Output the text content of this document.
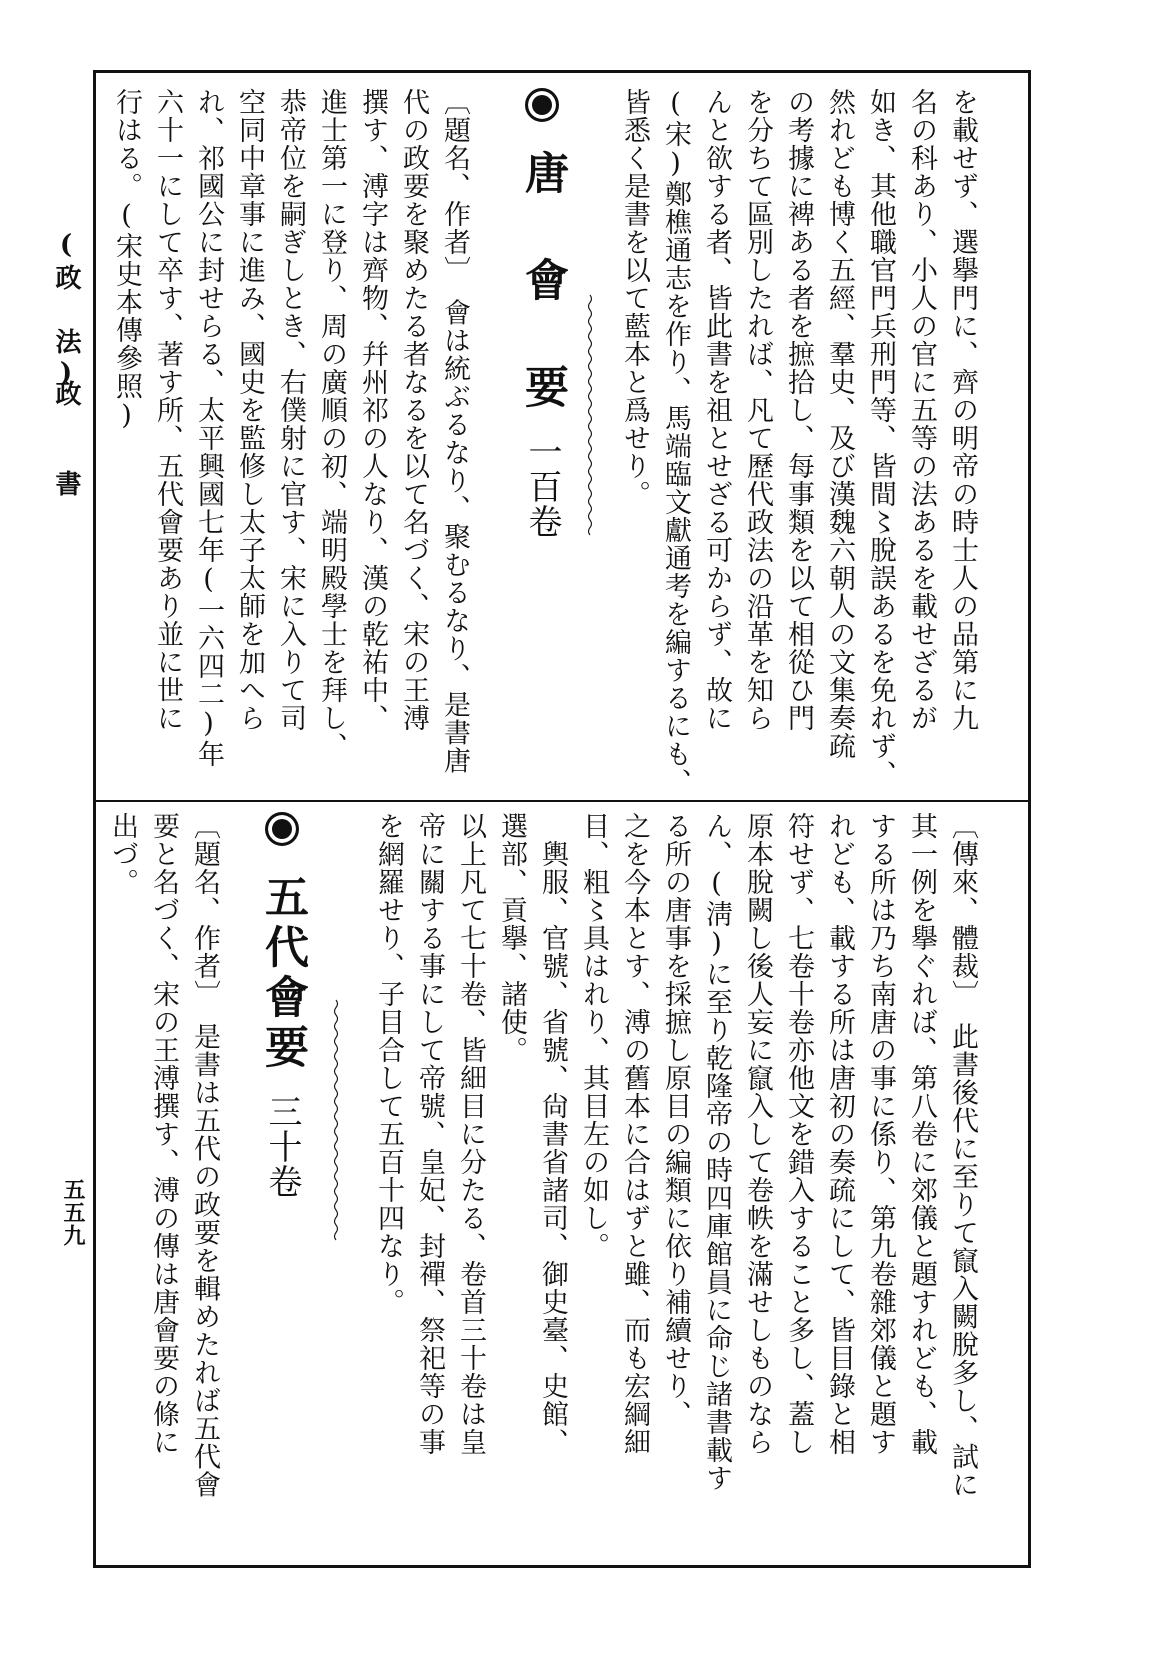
(政 法)
政　　書
五五九
を載せず、選擧門に、齊の明帝の時士人の品第に九
名の科あり、小人の官に五等の法あるを載せざるが
如き、其他職官門兵刑門等、皆間〻脫誤あるを免れず、
然れども博く五經、羣史、及び漢魏六朝人の文集奏疏
の考據に裨ある者を摭拾し、每事類を以て相從ひ門
を分ちて區別したれば、凡て歷代政法の沿革を知ら
んと欲する者、皆此書を祖とせざる可からず、故に
(宋)鄭樵通志を作り、馬端臨文獻通考を編するにも、
皆悉く是書を以て藍本と爲せり。
唐 會 要 一百卷
〔題名、作者〕　會は統ぶるなり、聚むるなり、是書唐
代の政要を聚めたる者なるを以て名づく、宋の王溥
撰す、溥字は齊物、幷州祁の人なり、漢の乾祐中、
進士第一に登り、周の廣順の初、端明殿學士を拜し、
恭帝位を嗣ぎしとき、右僕射に官す、宋に入りて司
空同中章事に進み、國史を監修し太子太師を加へら
れ、祁國公に封せらる、太平興國七年(一六四二)年
六十一にして卒す、著す所、五代會要あり並に世に
行はる。(宋史本傳參照)
〔傳來、體裁〕　此書後代に至りて竄入闕脫多し、試に
其一例を擧ぐれば、第八卷に郊儀と題すれども、載
する所は乃ち南唐の事に係り、第九卷雜郊儀と題す
れども、載する所は唐初の奏疏にして、皆目錄と相
符せず、七卷十卷亦他文を錯入すること多し、蓋し
原本脫闕し後人妄に竄入して卷帙を滿せしものなら
ん、(淸)に至り乾隆帝の時四庫館員に命じ諸書載す
る所の唐事を採摭し原目の編類に依り補續せり、
之を今本とす、溥の舊本に合はずと雖、而も宏綱細
目、粗〻具はれり、其目左の如し。
　輿服、官號、省號、尙書省諸司、御史臺、史館、
選部、貢擧、諸使。
以上凡て七十卷、皆細目に分たる、卷首三十卷は皇
帝に關する事にして帝號、皇妃、封禪、祭祀等の事
を網羅せり、子目合して五百十四なり。
五代會要 三十卷
〔題名、作者〕　是書は五代の政要を輯めたれば五代會
要と名づく、宋の王溥撰す、溥の傳は唐會要の條に
出づ。
